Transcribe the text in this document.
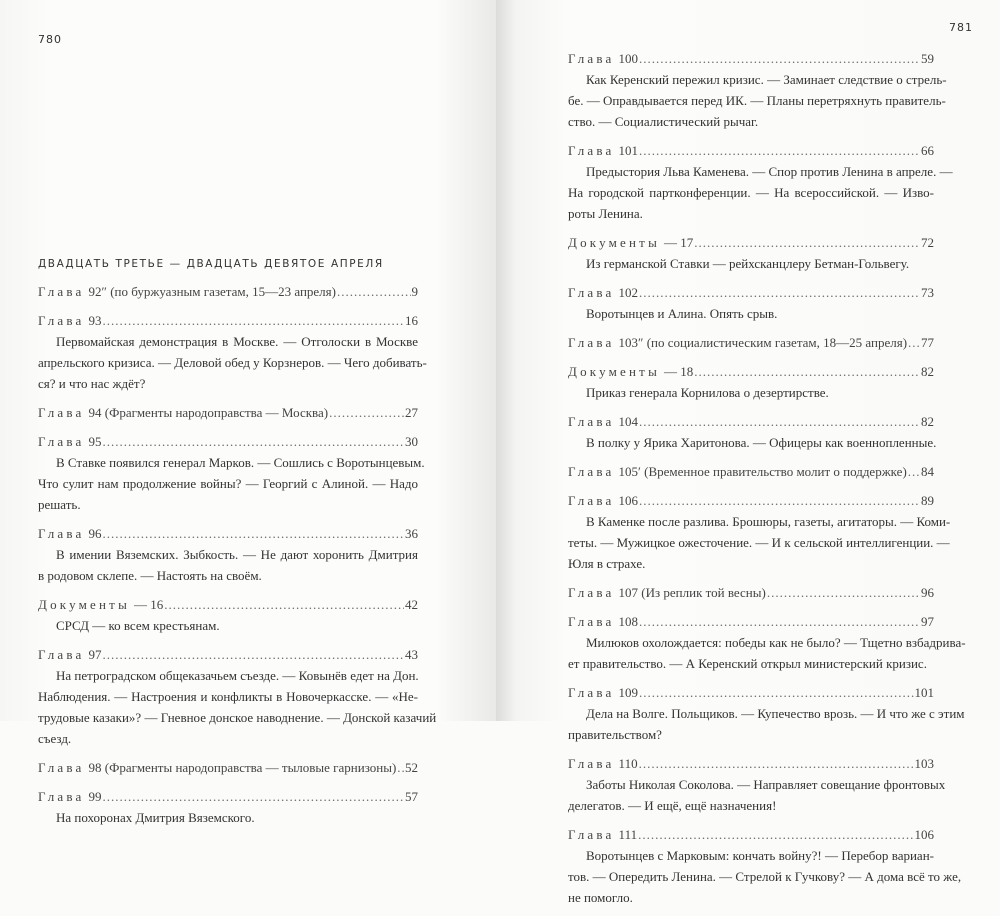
780
ДВАДЦАТЬ ТРЕТЬЕ — ДВАДЦАТЬ ДЕВЯТОЕ АПРЕЛЯ
Глава 92″ (по буржуазным газетам, 15—23 апреля) .....	9
Глава 93 .....	16
Первомайская демонстрация в Москве. — Отголоски в Москве
апрельского кризиса. — Деловой обед у Корзнеров. — Чего добивать-
ся? и что нас ждёт?
Глава 94 (Фрагменты народоправства — Москва) .....	27
Глава 95 .....	30
В Ставке появился генерал Марков. — Сошлись с Воротынцевым.
Что сулит нам продолжение войны? — Георгий с Алиной. — Надо
решать.
Глава 96 .....	36
В имении Вяземских. Зыбкость. — Не дают хоронить Дмитрия
в родовом склепе. — Настоять на своём.
Документы — 16 .....	42
СРСД — ко всем крестьянам.
Глава 97 .....	43
На петроградском общеказачьем съезде. — Ковынёв едет на Дон.
Наблюдения. — Настроения и конфликты в Новочеркасске. — «Не-
трудовые казаки»? — Гневное донское наводнение. — Донской казачий
съезд.
Глава 98 (Фрагменты народоправства — тыловые гарнизоны) ..... 52
Глава 99 .....	57
На похоронах Дмитрия Вяземского.
781
Глава 100 .....	59
Как Керенский пережил кризис. — Заминает следствие о стрель-
бе. — Оправдывается перед ИК. — Планы перетряхнуть правитель-
ство. — Социалистический рычаг.
Глава 101 .....	66
Предыстория Льва Каменева. — Спор против Ленина в апреле. —
На городской партконференции. — На всероссийской. — Изво-
роты Ленина.
Документы — 17 .....	72
Из германской Ставки — рейхсканцлеру Бетман-Гольвегу.
Глава 102 .....	73
Воротынцев и Алина. Опять срыв.
Глава 103″ (по социалистическим газетам, 18—25 апреля) ..... 77
Документы — 18 .....	82
Приказ генерала Корнилова о дезертирстве.
Глава 104 .....	82
В полку у Ярика Харитонова. — Офицеры как военнопленные.
Глава 105′ (Временное правительство молит о поддержке) ..... 84
Глава 106 .....	89
В Каменке после разлива. Брошюры, газеты, агитаторы. — Коми-
теты. — Мужицкое ожесточение. — И к сельской интеллигенции. —
Юля в страхе.
Глава 107 (Из реплик той весны) .....	96
Глава 108 .....	97
Милюков охолождается: победы как не было? — Тщетно взбадрива-
ет правительство. — А Керенский открыл министерский кризис.
Глава 109 .....	101
Дела на Волге. Польщиков. — Купечество врозь. — И что же с этим
правительством?
Глава 110 .....	103
Заботы Николая Соколова. — Направляет совещание фронтовых
делегатов. — И ещё, ещё назначения!
Глава 111 .....	106
Воротынцев с Марковым: кончать войну?! — Перебор вариан-
тов. — Опередить Ленина. — Стрелой к Гучкову? — А дома всё то же,
не помогло.
